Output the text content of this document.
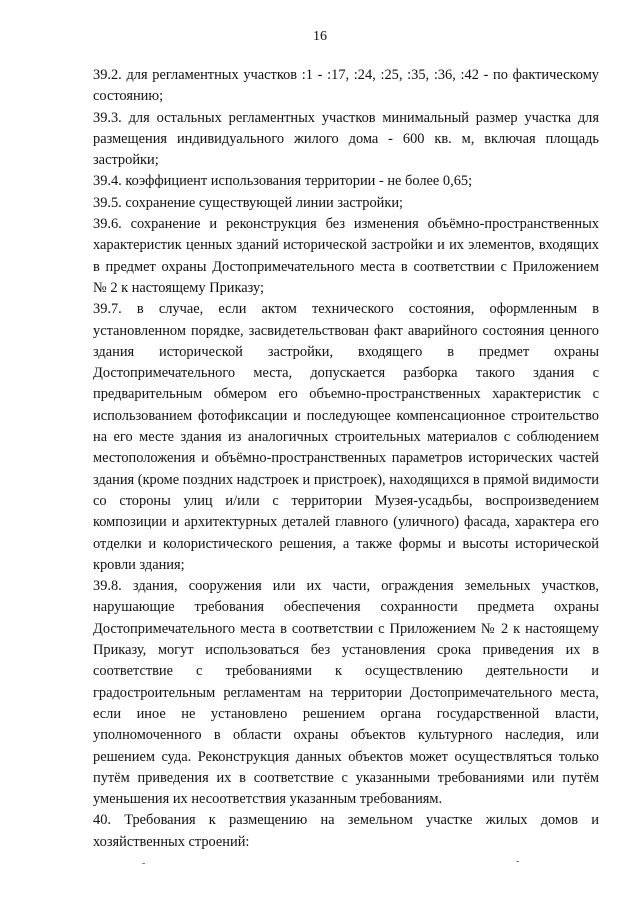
16

39.2. для регламентных участков :1 - :17, :24, :25, :35, :36, :42 - по фактическому состоянию;

39.3. для остальных регламентных участков минимальный размер участка для размещения индивидуального жилого дома - 600 кв. м, включая площадь застройки;

39.4. коэффициент использования территории - не более 0,65;

39.5. сохранение существующей линии застройки;

39.6. сохранение и реконструкция без изменения объёмно-пространственных характеристик ценных зданий исторической застройки и их элементов, входящих в предмет охраны Достопримечательного места в соответствии с Приложением № 2 к настоящему Приказу;

39.7. в случае, если актом технического состояния, оформленным в установленном порядке, засвидетельствован факт аварийного состояния ценного здания исторической застройки, входящего в предмет охраны Достопримечательного места, допускается разборка такого здания с предварительным обмером его объемно-пространственных характеристик с использованием фотофиксации и последующее компенсационное строительство на его месте здания из аналогичных строительных материалов с соблюдением местоположения и объёмно-пространственных параметров исторических частей здания (кроме поздних надстроек и пристроек), находящихся в прямой видимости со стороны улиц и/или с территории Музея-усадьбы, воспроизведением композиции и архитектурных деталей главного (уличного) фасада, характера его отделки и колористического решения, а также формы и высоты исторической кровли здания;

39.8. здания, сооружения или их части, ограждения земельных участков, нарушающие требования обеспечения сохранности предмета охраны Достопримечательного места в соответствии с Приложением № 2 к настоящему Приказу, могут использоваться без установления срока приведения их в соответствие с требованиями к осуществлению деятельности и градостроительным регламентам на территории Достопримечательного места, если иное не установлено решением органа государственной власти, уполномоченного в области охраны объектов культурного наследия, или решением суда. Реконструкция данных объектов может осуществляться только путём приведения их в соответствие с указанными требованиями или путём уменьшения их несоответствия указанным требованиям.

40. Требования к размещению на земельном участке жилых домов и хозяйственных строений:

-	-
